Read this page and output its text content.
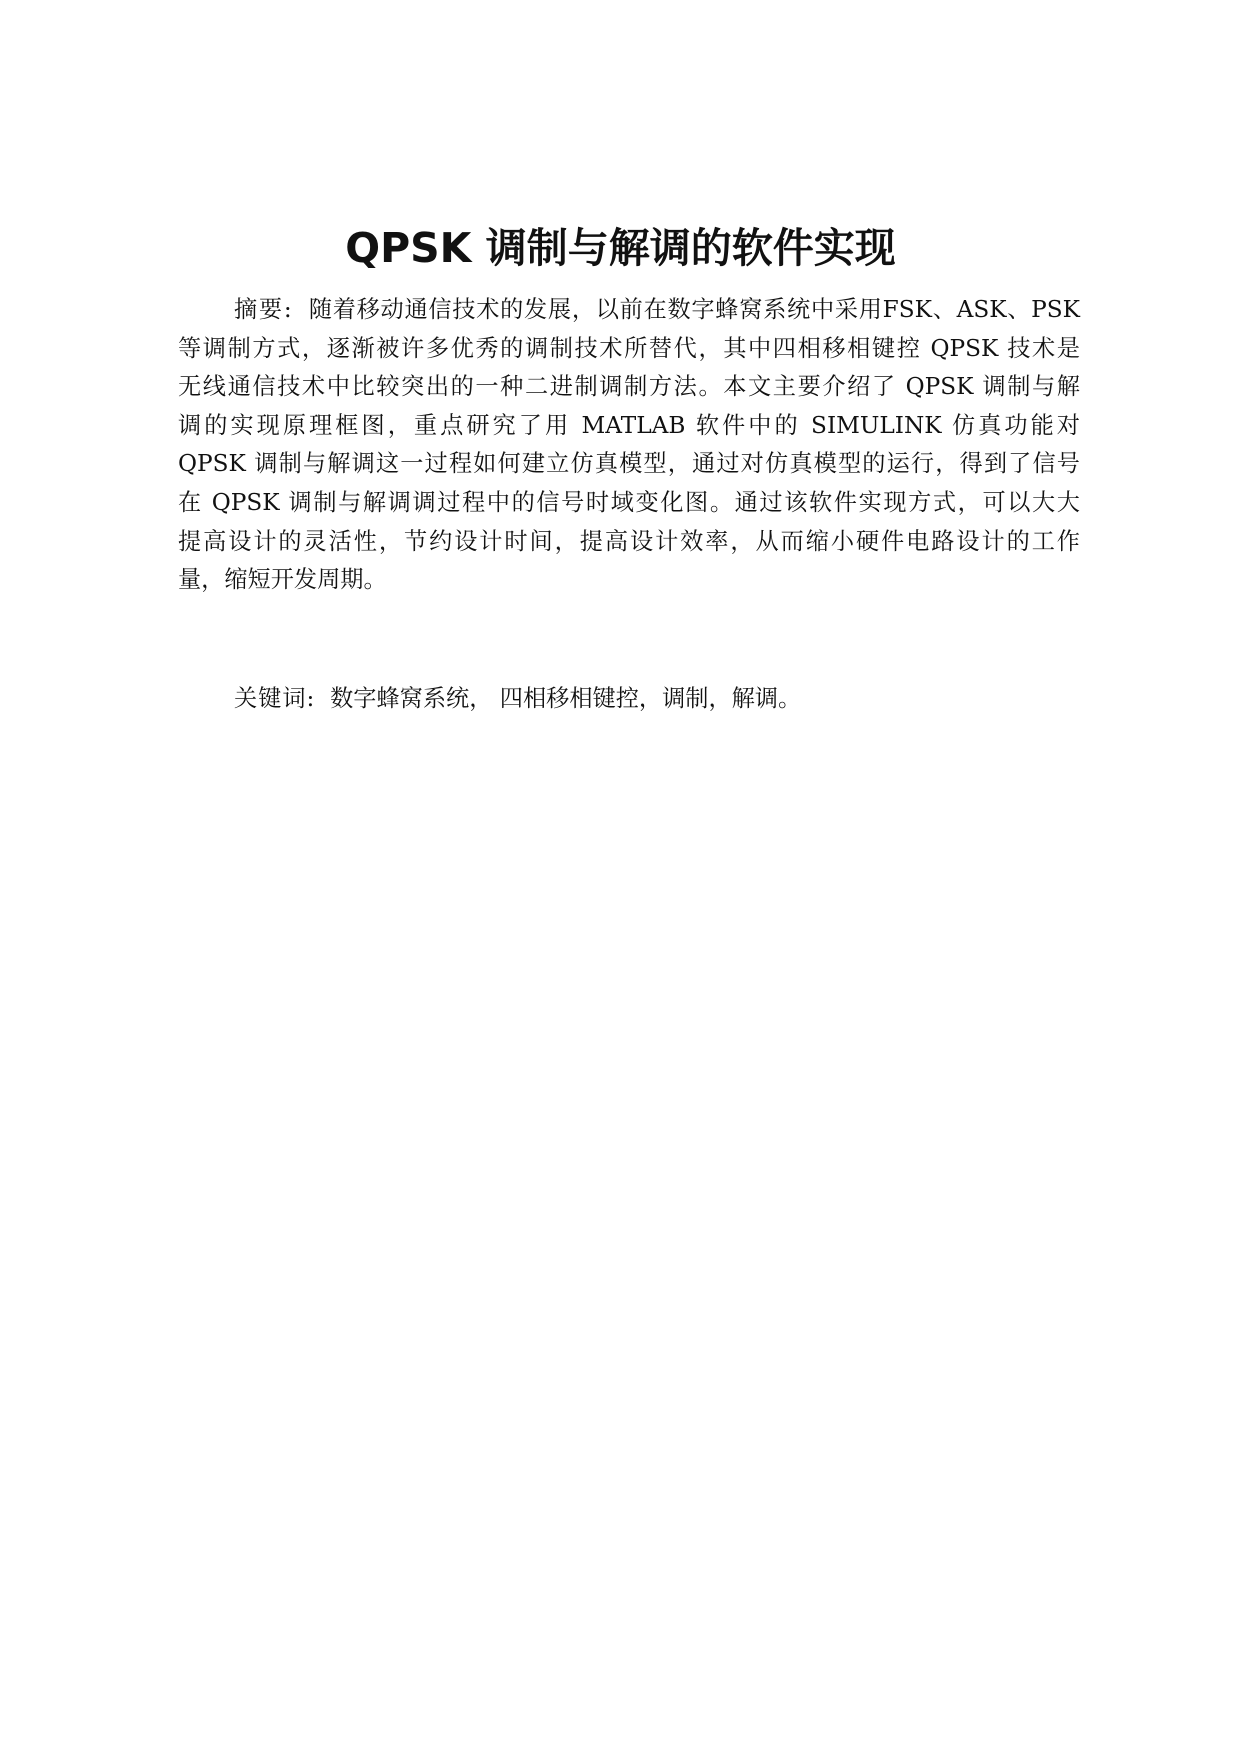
QPSK 调制与解调的软件实现
摘要: 随着移动通信技术的发展，以前在数字蜂窝系统中采用FSK、ASK、PSK
等调制方式，逐渐被许多优秀的调制技术所替代，其中四相移相键控 QPSK 技术是
无线通信技术中比较突出的一种二进制调制方法。本文主要介绍了 QPSK 调制与解
调的实现原理框图，重点研究了用 MATLAB 软件中的 SIMULINK 仿真功能对
QPSK 调制与解调这一过程如何建立仿真模型，通过对仿真模型的运行，得到了信号
在 QPSK 调制与解调调过程中的信号时域变化图。通过该软件实现方式，可以大大
提高设计的灵活性，节约设计时间，提高设计效率，从而缩小硬件电路设计的工作
量，缩短开发周期。
关键词: 数字蜂窝系统， 四相移相键控，调制，解调。
